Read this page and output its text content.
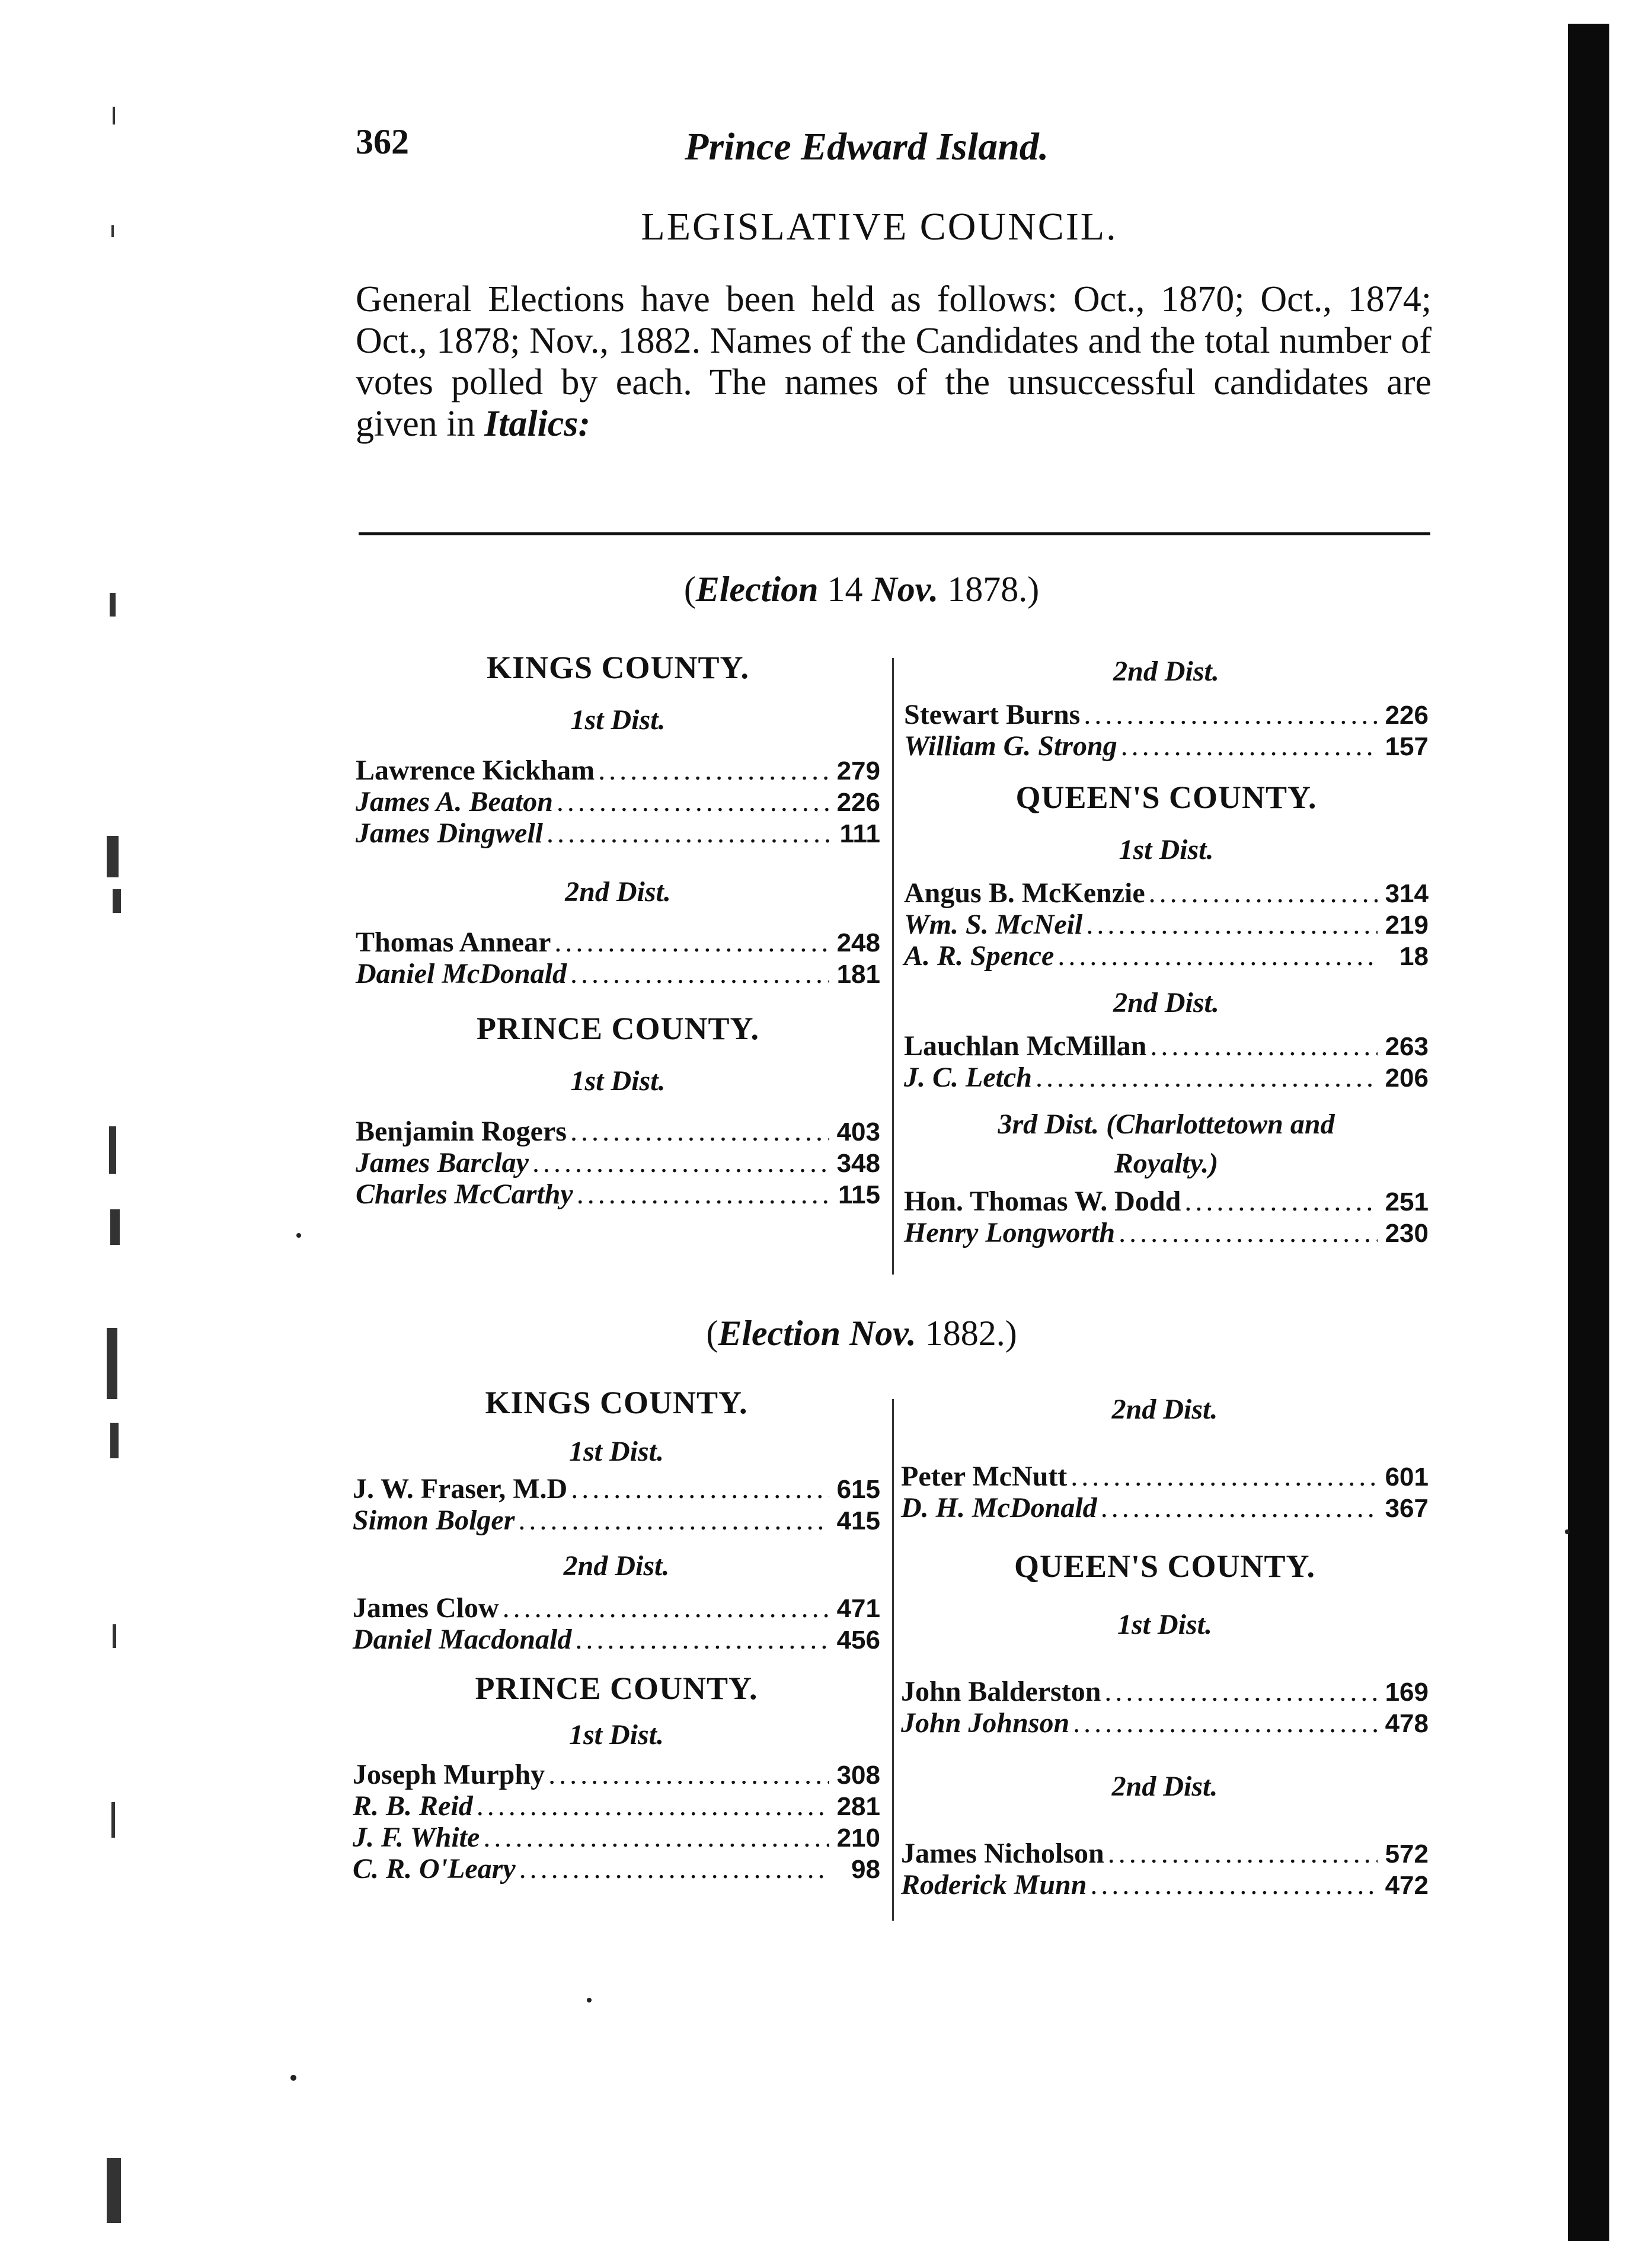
362	Prince Edward Island.
LEGISLATIVE COUNCIL.
General Elections have been held as follows: Oct., 1870; Oct., 1874; Oct., 1878; Nov., 1882. Names of the Candidates and the total number of votes polled by each. The names of the unsuccessful candidates are given in Italics:
(Election 14 Nov. 1878.)
KINGS COUNTY.
1st Dist.
Lawrence Kickham .....	279
James A. Beaton .....	226
James Dingwell .....	111
2nd Dist.
Thomas Annear .....	248
Daniel McDonald .....	181
PRINCE COUNTY.
1st Dist.
Benjamin Rogers .....	403
James Barclay .....	348
Charles McCarthy .....	115
2nd Dist.
Stewart Burns .....	226
William G. Strong .....	157
QUEEN'S COUNTY.
1st Dist.
Angus B. McKenzie .....	314
Wm. S. McNeil .....	219
A. R. Spence .....	18
2nd Dist.
Lauchlan McMillan .....	263
J. C. Letch .....	206
3rd Dist. (Charlottetown and
Royalty.)
Hon. Thomas W. Dodd .....	251
Henry Longworth .....	230
(Election Nov. 1882.)
KINGS COUNTY.
1st Dist.
J. W. Fraser, M.D .....	615
Simon Bolger .....	415
2nd Dist.
James Clow .....	471
Daniel Macdonald .....	456
PRINCE COUNTY.
1st Dist.
Joseph Murphy .....	308
R. B. Reid .....	281
J. F. White .....	210
C. R. O'Leary .....	98
2nd Dist.
Peter McNutt .....	601
D. H. McDonald .....	367
QUEEN'S COUNTY.
1st Dist.
John Balderston .....	169
John Johnson .....	478
2nd Dist.
James Nicholson .....	572
Roderick Munn .....	472
